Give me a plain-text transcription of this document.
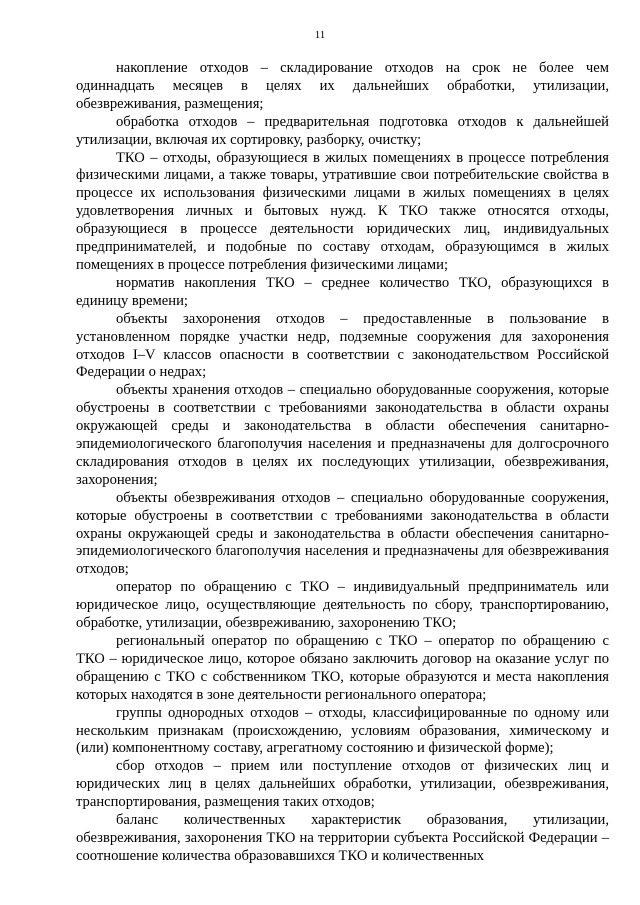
11

накопление отходов – складирование отходов на срок не более чем одиннадцать месяцев в целях их дальнейших обработки, утилизации, обезвреживания, размещения;

обработка отходов – предварительная подготовка отходов к дальнейшей утилизации, включая их сортировку, разборку, очистку;

ТКО – отходы, образующиеся в жилых помещениях в процессе потребления физическими лицами, а также товары, утратившие свои потребительские свойства в процессе их использования физическими лицами в жилых помещениях в целях удовлетворения личных и бытовых нужд. К ТКО также относятся отходы, образующиеся в процессе деятельности юридических лиц, индивидуальных предпринимателей, и подобные по составу отходам, образующимся в жилых помещениях в процессе потребления физическими лицами;

норматив накопления ТКО – среднее количество ТКО, образующихся в единицу времени;

объекты захоронения отходов – предоставленные в пользование в установленном порядке участки недр, подземные сооружения для захоронения отходов I–V классов опасности в соответствии с законодательством Российской Федерации о недрах;

объекты хранения отходов – специально оборудованные сооружения, которые обустроены в соответствии с требованиями законодательства в области охраны окружающей среды и законодательства в области обеспечения санитарно-эпидемиологического благополучия населения и предназначены для долгосрочного складирования отходов в целях их последующих утилизации, обезвреживания, захоронения;

объекты обезвреживания отходов – специально оборудованные сооружения, которые обустроены в соответствии с требованиями законодательства в области охраны окружающей среды и законодательства в области обеспечения санитарно-эпидемиологического благополучия населения и предназначены для обезвреживания отходов;

оператор по обращению с ТКО – индивидуальный предприниматель или юридическое лицо, осуществляющие деятельность по сбору, транспортированию, обработке, утилизации, обезвреживанию, захоронению ТКО;

региональный оператор по обращению с ТКО – оператор по обращению с ТКО – юридическое лицо, которое обязано заключить договор на оказание услуг по обращению с ТКО с собственником ТКО, которые образуются и места накопления которых находятся в зоне деятельности регионального оператора;

группы однородных отходов – отходы, классифицированные по одному или нескольким признакам (происхождению, условиям образования, химическому и (или) компонентному составу, агрегатному состоянию и физической форме);

сбор отходов – прием или поступление отходов от физических лиц и юридических лиц в целях дальнейших обработки, утилизации, обезвреживания, транспортирования, размещения таких отходов;

баланс количественных характеристик образования, утилизации, обезвреживания, захоронения ТКО на территории субъекта Российской Федерации – соотношение количества образовавшихся ТКО и количественных
